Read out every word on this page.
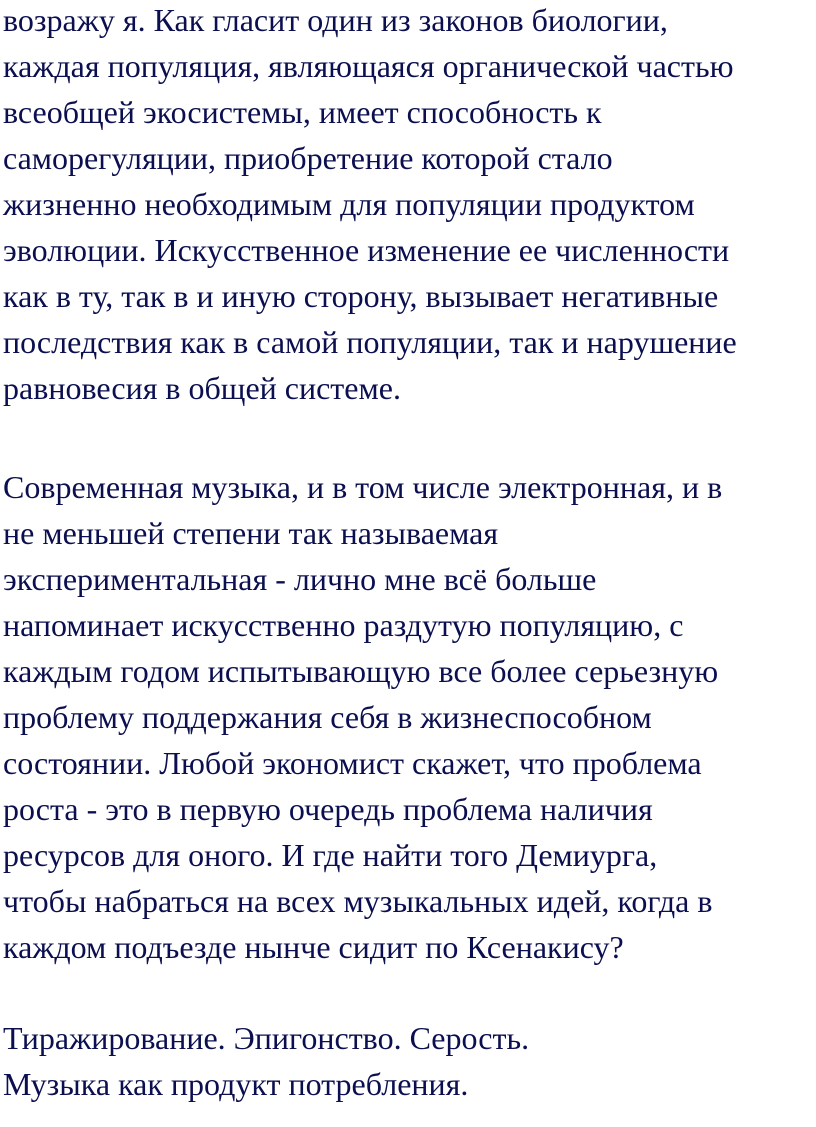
возражу я. Как гласит один из законов биологии,

каждая популяция, являющаяся органической частью

всеобщей экосистемы, имеет способность к

саморегуляции, приобретение которой стало

жизненно необходимым для популяции продуктом

эволюции. Искусственное изменение ее численности

как в ту, так в и иную сторону, вызывает негативные

последствия как в самой популяции, так и нарушение

равновесия в общей системе.

Современная музыка, и в том числе электронная, и в

не меньшей степени так называемая

экспериментальная - лично мне всё больше

напоминает искусственно раздутую популяцию, с

каждым годом испытывающую все более серьезную

проблему поддержания себя в жизнеспособном

состоянии. Любой экономист скажет, что проблема

роста - это в первую очередь проблема наличия

ресурсов для оного. И где найти того Демиурга,

чтобы набраться на всех музыкальных идей, когда в

каждом подъезде нынче сидит по Ксенакису?

Тиражирование. Эпигонство. Серость.

Музыка как продукт потребления.
